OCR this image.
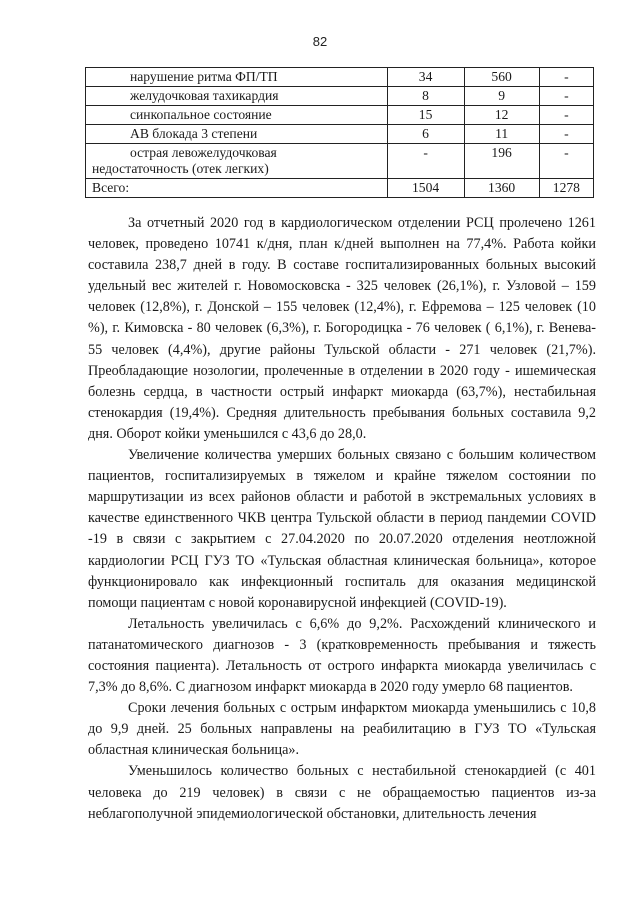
82
нарушение ритма ФП/ТП	34	560	-
желудочковая тахикардия	8	9	-
синкопальное состояние	15	12	-
АВ блокада 3 степени	6	11	-

острая левожелудочковая
недостаточность (отек легких)	-	196	-
Всего:	1504	1360	1278

За отчетный 2020 год в кардиологическом отделении РСЦ пролечено 1261 человек, проведено 10741 к/дня, план к/дней выполнен на 77,4%. Работа койки составила 238,7 дней в году. В составе госпитализированных больных высокий удельный вес жителей г. Новомосковска - 325 человек (26,1%), г. Узловой – 159 человек (12,8%), г. Донской – 155 человек (12,4%), г. Ефремова – 125 человек (10 %), г. Кимовска - 80 человек (6,3%), г. Богородицка - 76 человек ( 6,1%), г. Венева- 55 человек (4,4%), другие районы Тульской области - 271 человек (21,7%). Преобладающие нозологии, пролеченные в отделении в 2020 году - ишемическая болезнь сердца, в частности острый инфаркт миокарда (63,7%), нестабильная стенокардия (19,4%). Средняя длительность пребывания больных составила 9,2 дня. Оборот койки уменьшился с 43,6 до 28,0.

Увеличение количества умерших больных связано с большим количеством пациентов, госпитализируемых в тяжелом и крайне тяжелом состоянии по маршрутизации из всех районов области и работой в экстремальных условиях в качестве единственного ЧКВ центра Тульской области в период пандемии COVID -19 в связи с закрытием с 27.04.2020 по 20.07.2020 отделения неотложной кардиологии РСЦ ГУЗ ТО «Тульская областная клиническая больница», которое функционировало как инфекционный госпиталь для оказания медицинской помощи пациентам с новой коронавирусной инфекцией (COVID-19).

Летальность увеличилась с 6,6% до 9,2%. Расхождений клинического и патанатомического диагнозов - 3 (кратковременность пребывания и тяжесть состояния пациента). Летальность от острого инфаркта миокарда увеличилась с 7,3% до 8,6%. С диагнозом инфаркт миокарда в 2020 году умерло 68 пациентов.

Сроки лечения больных с острым инфарктом миокарда уменьшились с 10,8 до 9,9 дней. 25 больных направлены на реабилитацию в ГУЗ ТО «Тульская областная клиническая больница».

Уменьшилось количество больных с нестабильной стенокардией (с 401 человека до 219 человек) в связи с не обращаемостью пациентов из-за неблагополучной эпидемиологической обстановки, длительность лечения
